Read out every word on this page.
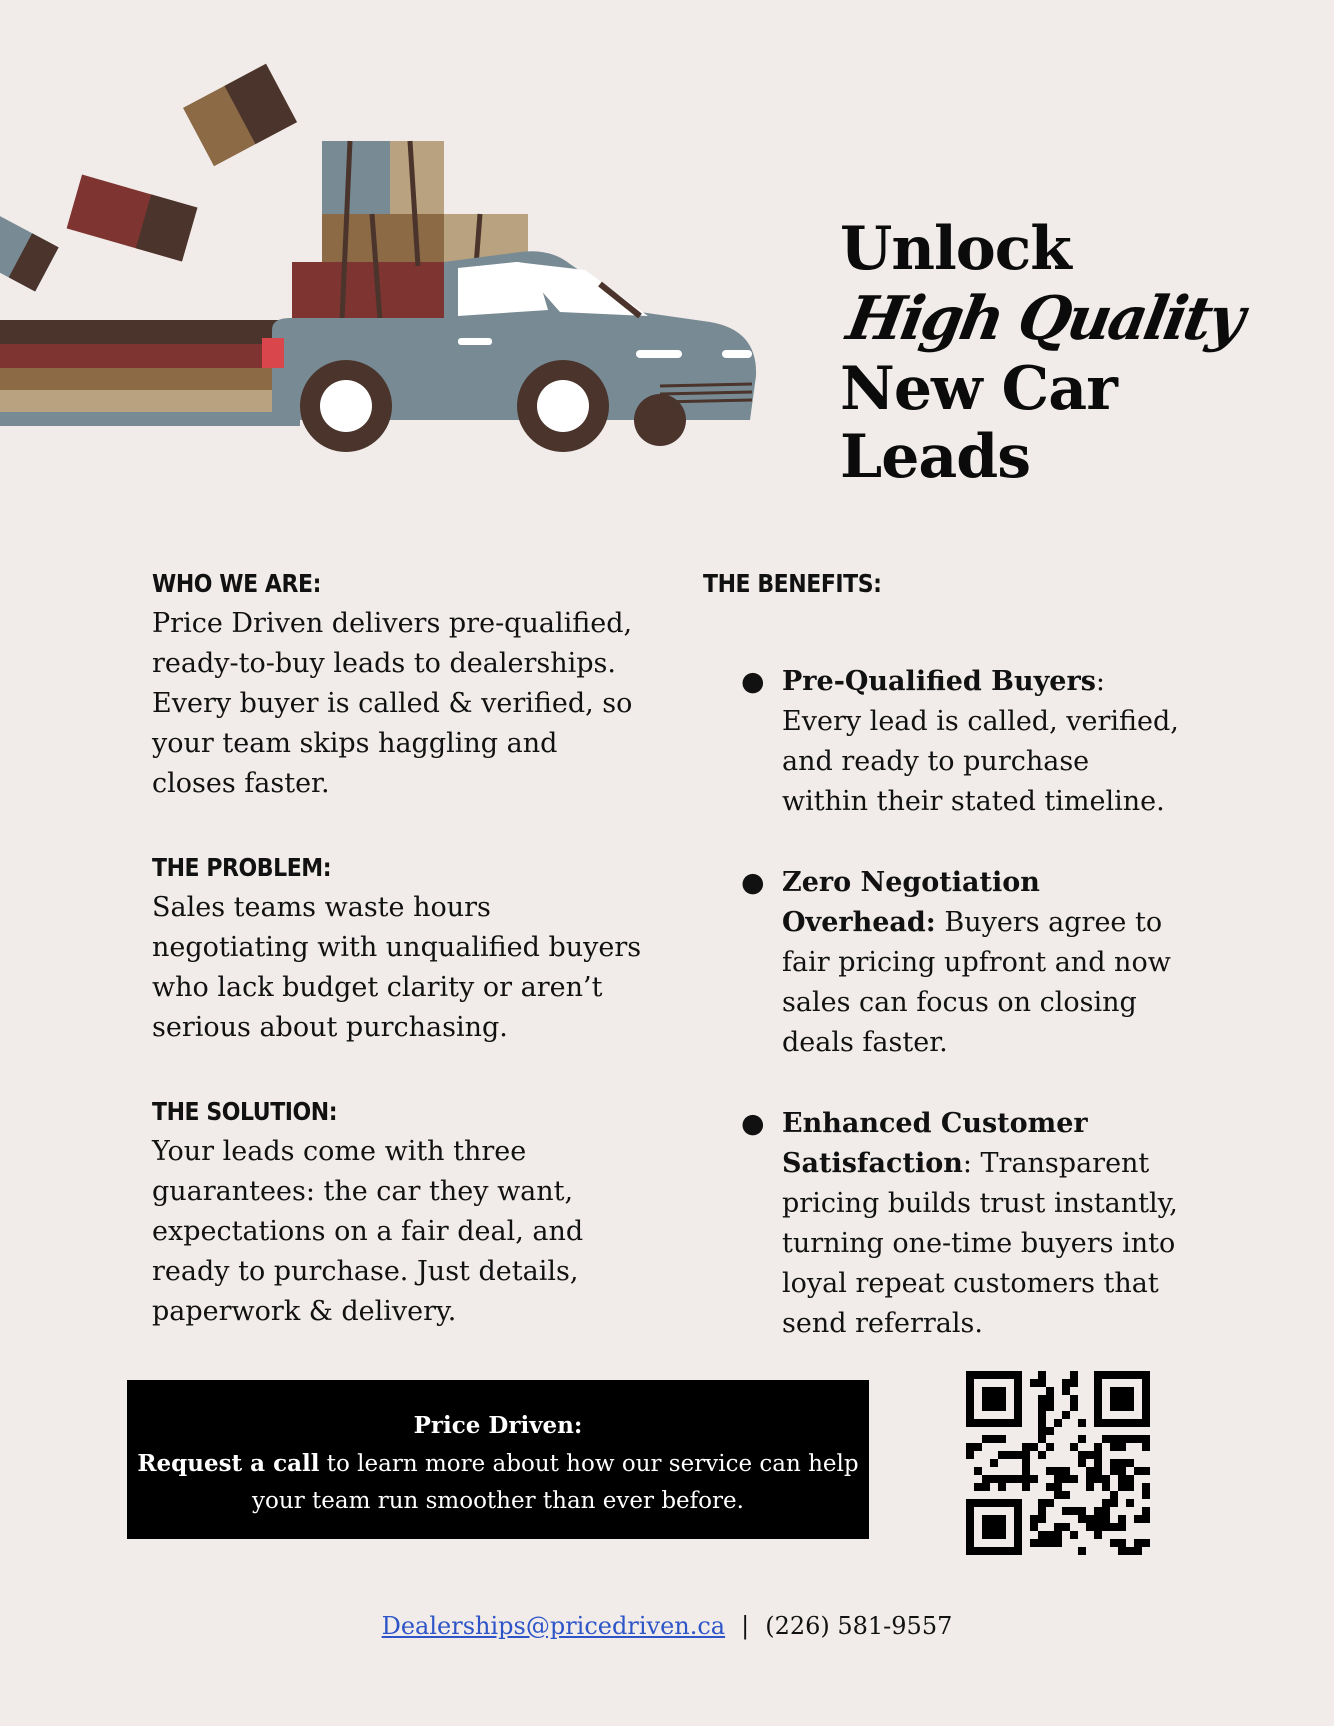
Unlock
High Quality
New Car
Leads
WHO WE ARE:
Price Driven delivers pre-qualified, ready-to-buy leads to dealerships. Every buyer is called & verified, so your team skips haggling and closes faster.
THE PROBLEM:
Sales teams waste hours negotiating with unqualified buyers who lack budget clarity or aren’t serious about purchasing.
THE SOLUTION:
Your leads come with three guarantees: the car they want, expectations on a fair deal, and ready to purchase. Just details, paperwork & delivery.
THE BENEFITS:
● Pre-Qualified Buyers: Every lead is called, verified, and ready to purchase within their stated timeline.
● Zero Negotiation Overhead: Buyers agree to fair pricing upfront and now sales can focus on closing deals faster.
● Enhanced Customer Satisfaction: Transparent pricing builds trust instantly, turning one-time buyers into loyal repeat customers that send referrals.
Price Driven:
Request a call to learn more about how our service can help your team run smoother than ever before.
Dealerships@pricedriven.ca | (226) 581-9557
